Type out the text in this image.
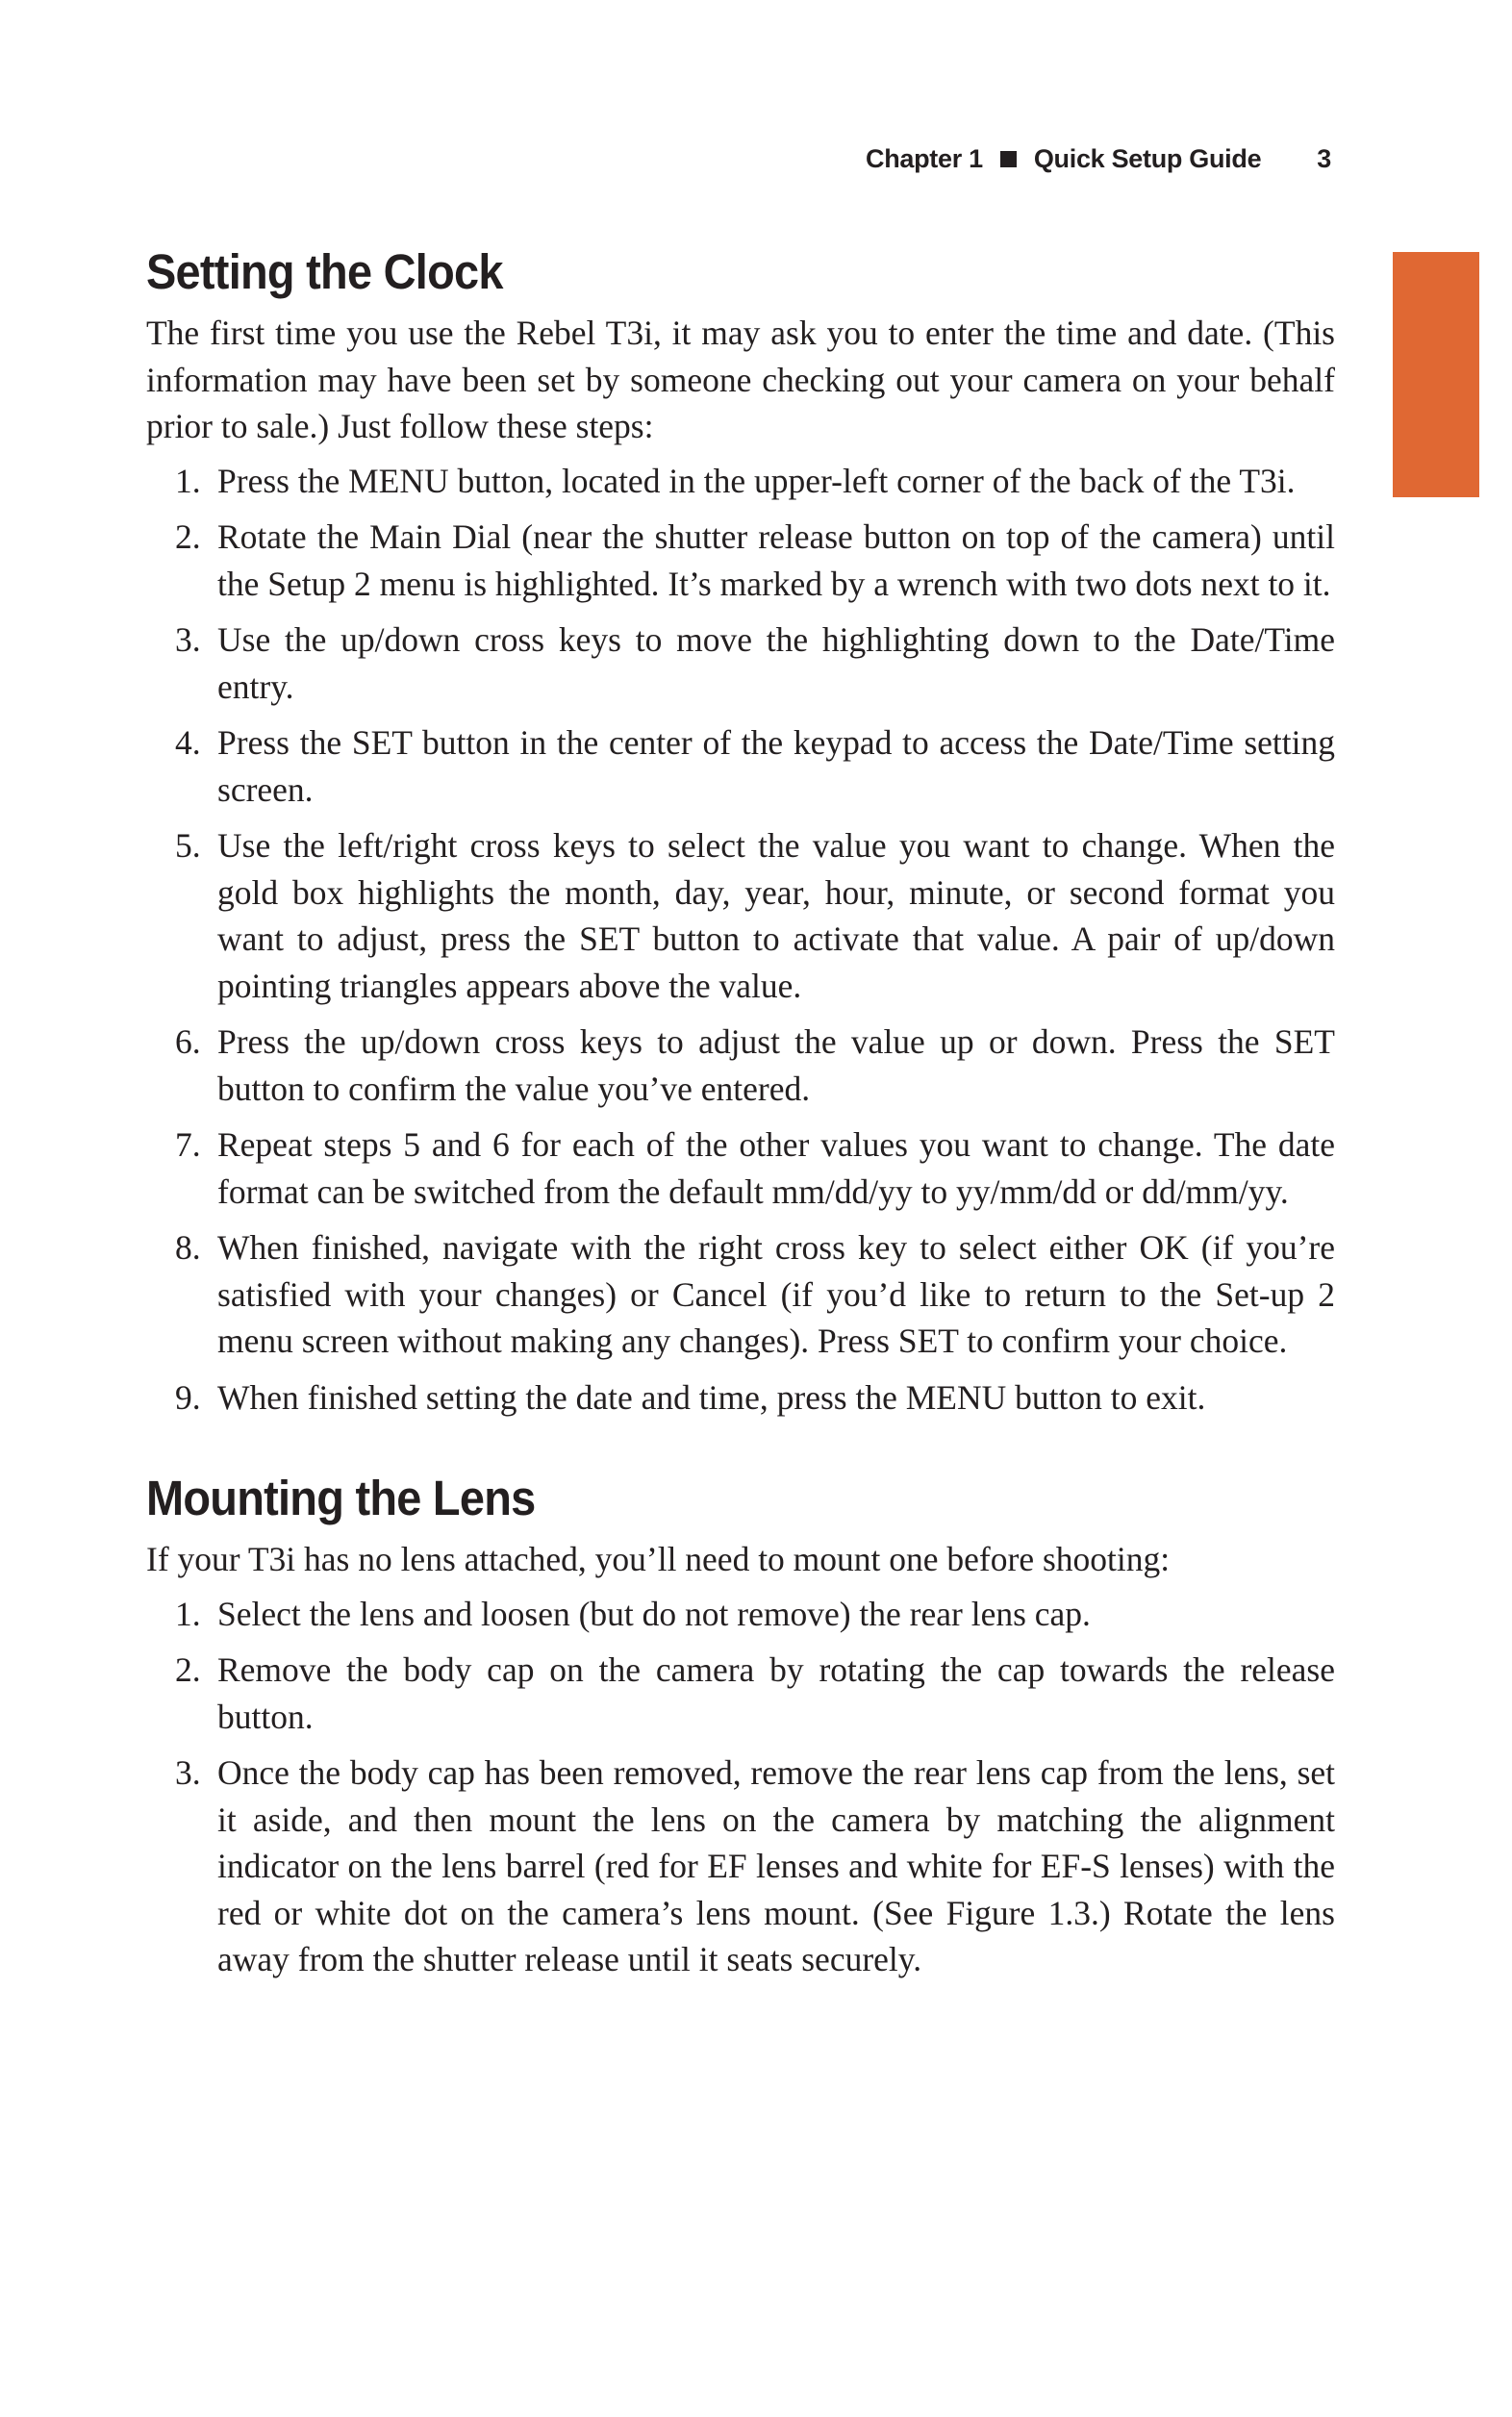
Chapter 1 Quick Setup Guide 3
Setting the Clock

The first time you use the Rebel T3i, it may ask you to enter the time and date. (This information may have been set by someone checking out your camera on your behalf prior to sale.) Just follow these steps:

1. Press the MENU button, located in the upper-left corner of the back of the T3i.
2. Rotate the Main Dial (near the shutter release button on top of the camera) until the Setup 2 menu is highlighted. It’s marked by a wrench with two dots next to it.
3. Use the up/down cross keys to move the highlighting down to the Date/Time entry.
4. Press the SET button in the center of the keypad to access the Date/Time setting screen.
5. Use the left/right cross keys to select the value you want to change. When the gold box highlights the month, day, year, hour, minute, or second format you want to adjust, press the SET button to activate that value. A pair of up/down pointing triangles appears above the value.
6. Press the up/down cross keys to adjust the value up or down. Press the SET button to confirm the value you’ve entered.
7. Repeat steps 5 and 6 for each of the other values you want to change. The date format can be switched from the default mm/dd/yy to yy/mm/dd or dd/mm/yy.
8. When finished, navigate with the right cross key to select either OK (if you’re satisfied with your changes) or Cancel (if you’d like to return to the Set-up 2 menu screen without making any changes). Press SET to confirm your choice.
9. When finished setting the date and time, press the MENU button to exit.
Mounting the Lens

If your T3i has no lens attached, you’ll need to mount one before shooting:

1. Select the lens and loosen (but do not remove) the rear lens cap.
2. Remove the body cap on the camera by rotating the cap towards the release button.
3. Once the body cap has been removed, remove the rear lens cap from the lens, set it aside, and then mount the lens on the camera by matching the alignment indicator on the lens barrel (red for EF lenses and white for EF-S lenses) with the red or white dot on the camera’s lens mount. (See Figure 1.3.) Rotate the lens away from the shutter release until it seats securely.
